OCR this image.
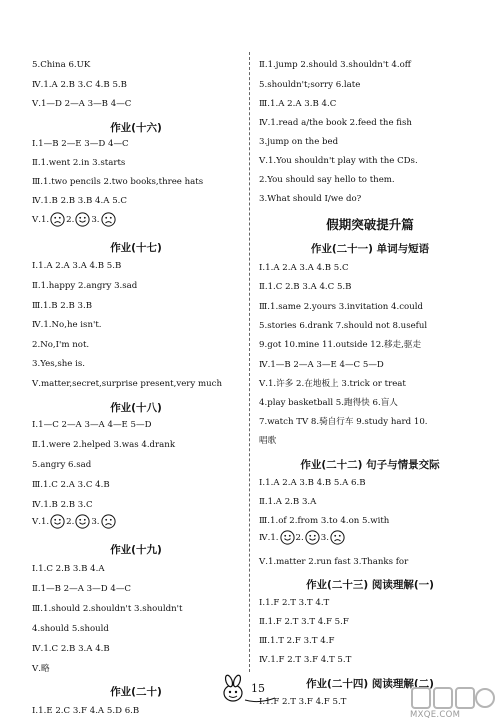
5.China 6.UK
Ⅳ.1.A 2.B 3.C 4.B 5.B
Ⅴ.1—D 2—A 3—B 4—C
作业(十六)
Ⅰ.1—B 2—E 3—D 4—C
Ⅱ.1.went 2.in 3.starts
Ⅲ.1.two pencils 2.two books,three hats
Ⅳ.1.B 2.B 3.B 4.A 5.C
Ⅴ.1. 2. 3.
作业(十七)
Ⅰ.1.A 2.A 3.A 4.B 5.B
Ⅱ.1.happy 2.angry 3.sad
Ⅲ.1.B 2.B 3.B
Ⅳ.1.No,he isn't.
2.No,I'm not.
3.Yes,she is.
Ⅴ.matter,secret,surprise present,very much
作业(十八)
Ⅰ.1—C 2—A 3—A 4—E 5—D
Ⅱ.1.were 2.helped 3.was 4.drank
5.angry 6.sad
Ⅲ.1.C 2.A 3.C 4.B
Ⅳ.1.B 2.B 3.C
Ⅴ.1. 2. 3.
作业(十九)
Ⅰ.1.C 2.B 3.B 4.A
Ⅱ.1—B 2—A 3—D 4—C
Ⅲ.1.should 2.shouldn't 3.shouldn't
4.should 5.should
Ⅳ.1.C 2.B 3.A 4.B
Ⅴ.略
作业(二十)
Ⅰ.1.E 2.C 3.F 4.A 5.D 6.B
Ⅱ.1.jump 2.should 3.shouldn't 4.off
5.shouldn't;sorry 6.late
Ⅲ.1.A 2.A 3.B 4.C
Ⅳ.1.read a/the book 2.feed the fish
3.jump on the bed
Ⅴ.1.You shouldn't play with the CDs.
2.You should say hello to them.
3.What should I/we do?
假期突破提升篇
作业(二十一) 单词与短语
Ⅰ.1.A 2.A 3.A 4.B 5.C
Ⅱ.1.C 2.B 3.A 4.C 5.B
Ⅲ.1.same 2.yours 3.invitation 4.could
5.stories 6.drank 7.should not 8.useful
9.got 10.mine 11.outside 12.移走,驱走
Ⅳ.1—B 2—A 3—E 4—C 5—D
Ⅴ.1.许多 2.在地板上 3.trick or treat
4.play basketball 5.跑得快 6.盲人
7.watch TV 8.骑自行车 9.study hard 10.
唱歌
作业(二十二) 句子与情景交际
Ⅰ.1.A 2.A 3.B 4.B 5.A 6.B
Ⅱ.1.A 2.B 3.A
Ⅲ.1.of 2.from 3.to 4.on 5.with
Ⅳ.1. 2. 3.
Ⅴ.1.matter 2.run fast 3.Thanks for
作业(二十三) 阅读理解(一)
Ⅰ.1.F 2.T 3.T 4.T
Ⅱ.1.F 2.T 3.T 4.F 5.F
Ⅲ.1.T 2.F 3.T 4.F
Ⅳ.1.F 2.T 3.F 4.T 5.T
作业(二十四) 阅读理解(二)
Ⅰ.1.F 2.T 3.F 4.F 5.T
15
MXQE.COM
